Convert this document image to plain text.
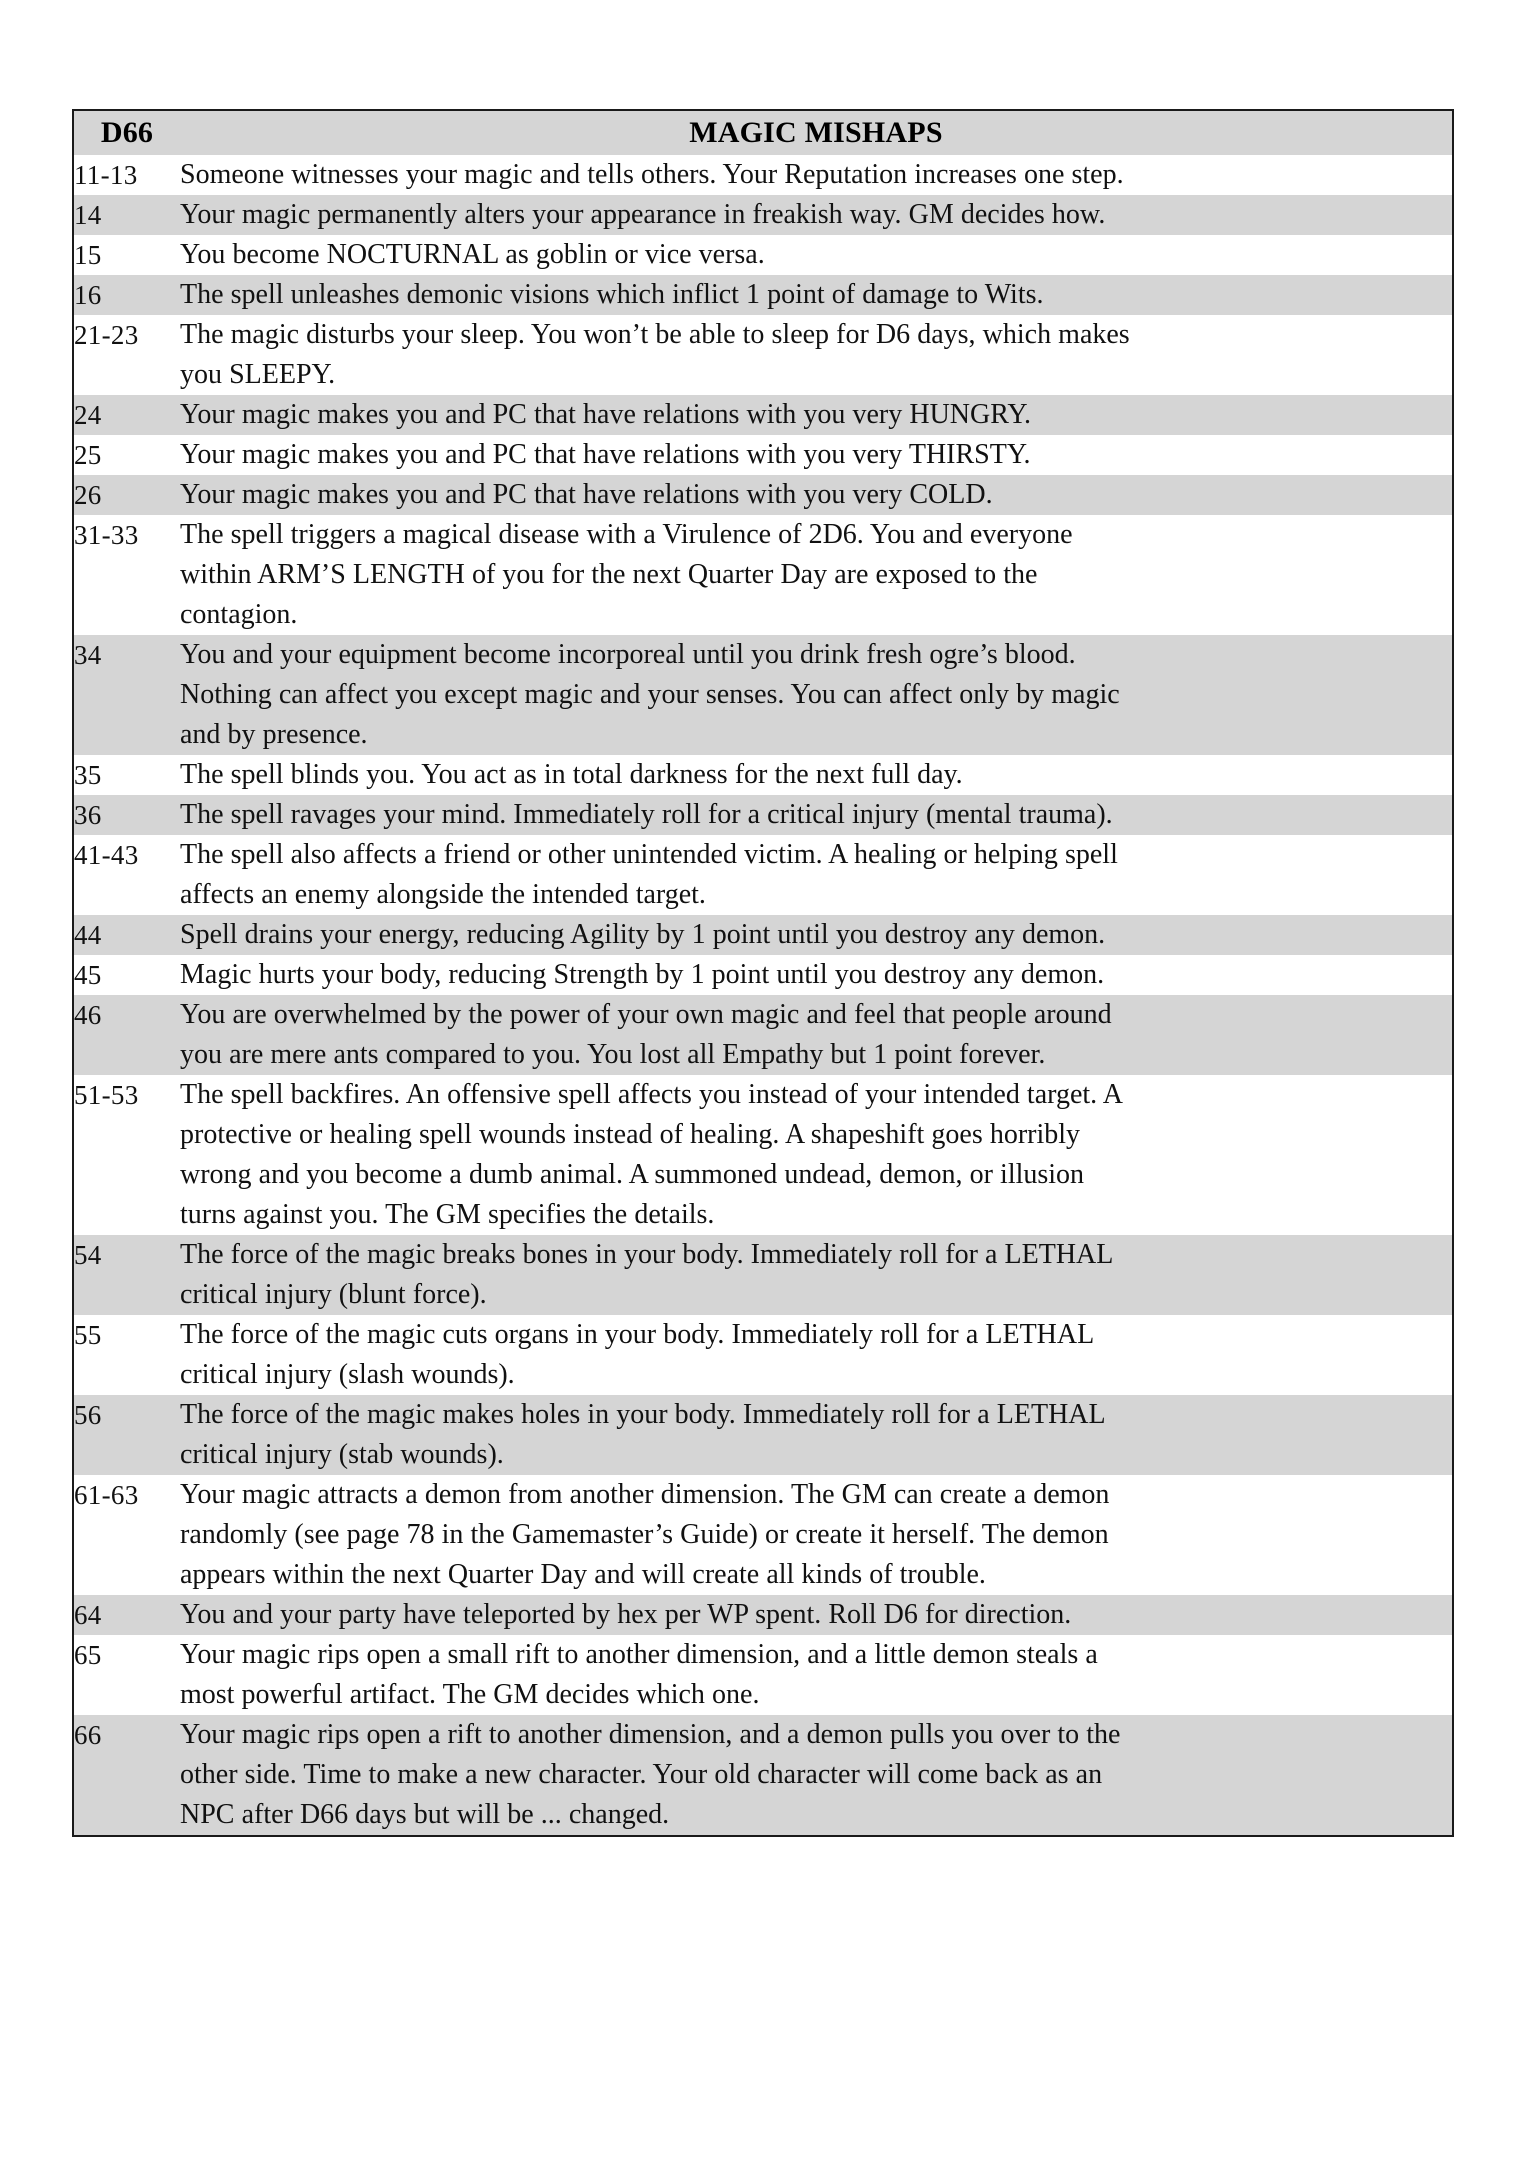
D66	MAGIC MISHAPS
11-13	Someone witnesses your magic and tells others. Your Reputation increases one step.

14	Your magic permanently alters your appearance in freakish way. GM decides how.

15	You become NOCTURNAL as goblin or vice versa.

16	The spell unleashes demonic visions which inflict 1 point of damage to Wits.

21-23	The magic disturbs your sleep. You won’t be able to sleep for D6 days, which makes
you SLEEPY.

24	Your magic makes you and PC that have relations with you very HUNGRY.

25	Your magic makes you and PC that have relations with you very THIRSTY.

26	Your magic makes you and PC that have relations with you very COLD.

31-33	The spell triggers a magical disease with a Virulence of 2D6. You and everyone
within ARM’S LENGTH of you for the next Quarter Day are exposed to the
contagion.

34	You and your equipment become incorporeal until you drink fresh ogre’s blood.
Nothing can affect you except magic and your senses. You can affect only by magic
and by presence.

35	The spell blinds you. You act as in total darkness for the next full day.

36	The spell ravages your mind. Immediately roll for a critical injury (mental trauma).

41-43	The spell also affects a friend or other unintended victim. A healing or helping spell
affects an enemy alongside the intended target.

44	Spell drains your energy, reducing Agility by 1 point until you destroy any demon.

45	Magic hurts your body, reducing Strength by 1 point until you destroy any demon.

46	You are overwhelmed by the power of your own magic and feel that people around
you are mere ants compared to you. You lost all Empathy but 1 point forever.

51-53	The spell backfires. An offensive spell affects you instead of your intended target. A
protective or healing spell wounds instead of healing. A shapeshift goes horribly
wrong and you become a dumb animal. A summoned undead, demon, or illusion
turns against you. The GM specifies the details.

54	The force of the magic breaks bones in your body. Immediately roll for a LETHAL
critical injury (blunt force).

55	The force of the magic cuts organs in your body. Immediately roll for a LETHAL
critical injury (slash wounds).

56	The force of the magic makes holes in your body. Immediately roll for a LETHAL
critical injury (stab wounds).

61-63	Your magic attracts a demon from another dimension. The GM can create a demon
randomly (see page 78 in the Gamemaster’s Guide) or create it herself. The demon
appears within the next Quarter Day and will create all kinds of trouble.

64	You and your party have teleported by hex per WP spent. Roll D6 for direction.

65	Your magic rips open a small rift to another dimension, and a little demon steals a
most powerful artifact. The GM decides which one.

66	Your magic rips open a rift to another dimension, and a demon pulls you over to the
other side. Time to make a new character. Your old character will come back as an
NPC after D66 days but will be ... changed.
